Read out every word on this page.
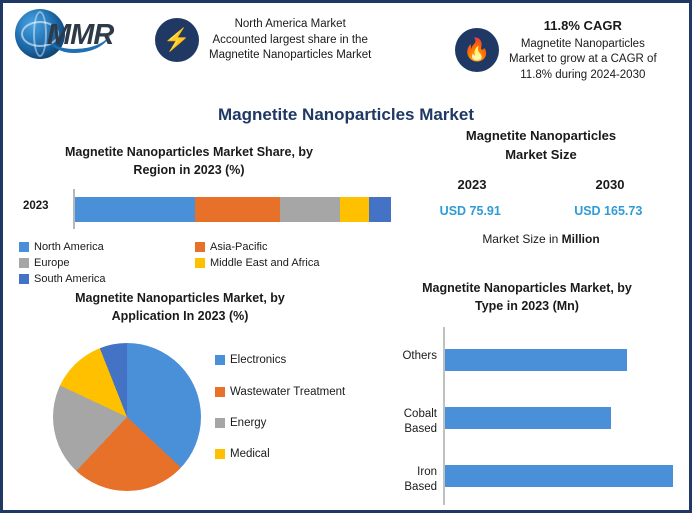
MMR	⚡
North America Market
Accounted largest share in the
Magnetite Nanoparticles Market	🔥
11.8% CAGR
Magnetite Nanoparticles
Market to grow at a CAGR of
11.8% during 2024-2030
Magnetite Nanoparticles Market
Magnetite Nanoparticles Market Share, by
Region in 2023 (%)
2023
North America	Asia-Pacific
Europe	Middle East and Africa
South America
Magnetite Nanoparticles
Market Size
2023	2030
USD 75.91	USD 165.73
Market Size in Million
Magnetite Nanoparticles Market, by
Application In 2023 (%)
Electronics
Wastewater Treatment
Energy
Medical
Magnetite Nanoparticles Market, by
Type in 2023 (Mn)
Others
Cobalt
Based
Iron
Based
